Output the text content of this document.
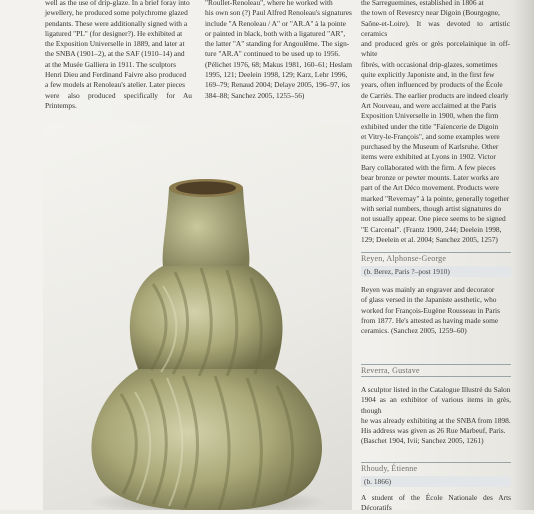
well as the use of drip-glaze. In a brief foray into

jewellery, he produced some polychrome glazed

pendants. These were additionally signed with a

ligatured "PL" (for designer?). He exhibited at

the Exposition Universelle in 1889, and later at

the SNBA (1901–2), at the SAF (1910–14) and

at the Musée Galliera in 1911. The sculptors

Henri Dieu and Ferdinand Faivre also produced

a few models at Renoleau's atelier. Later pieces

were also produced specifically for Au Printemps.

"Roullet-Renoleau", where he worked with

his own son (?) Paul Alfred Renoleau's signatures

include "A Renoleau / A" or "AR.A" à la pointe

or painted in black, both with a ligatured "AR",

the latter "A" standing for Angoulême. The sign-

ture "AR.A" continued to be used up to 1956.

(Pélichet 1976, 68; Makus 1981, 160–61; Heslam

1995, 121; Deelein 1998, 129; Karz, Lehr 1996,

169–79; Renaud 2004; Delaye 2005, 196–97, ios

384–88; Sanchez 2005, 1255–56)

the Sarreguemines, established in 1806 at

the town of Revesrcy near Digoin (Bourgogne,

Saône-et-Loire). It was devoted to artistic ceramics

and produced grès or grès porcelainique in off-white

fibrés, with occasional drip-glazes, sometimes

quite explicitly Japoniste and, in the first few

years, often influenced by products of the École

de Carriès. The earlier products are indeed clearly

Art Nouveau, and were acclaimed at the Paris

Exposition Universelle in 1900, when the firm

exhibited under the title "Faïencerie de Digoin

et Vitry-le-François", and some examples were

purchased by the Museum of Karlsruhe. Other

items were exhibited at Lyons in 1902. Victor

Bary collaborated with the firm. A few pieces

bear bronze or pewter mounts. Later works are

part of the Art Déco movement. Products were

marked "Revernay" à la pointe, generally together

with serial numbers, though artist signatures do

not usually appear. One piece seems to be signed

"E Carcenal". (Frantz 1900, 244; Deelein 1998,

129; Deelein et al. 2004; Sanchez 2005, 1257)

Reyen, Alphonse-George
(b. Berez, Paris ?–post 1910)
Reyen was mainly an engraver and decorator
of glass versed in the Japaniste aesthetic, who
worked for François-Eugène Rousseau in Paris
from 1877. He's attested as having made some
ceramics. (Sanchez 2005, 1259–60)
Reverra, Gustave
A sculptor listed in the Catalogue Illustré du Salon
1904 as an exhibitor of various items in grès, though
he was already exhibiting at the SNBA from 1898.
His address was given as 26 Rue Marbeuf, Paris.
(Baschet 1904, Ivii; Sanchez 2005, 1261)
Rhoudy, Étienne
(b. 1866)
A student of the École Nationale des Arts Décoratifs
